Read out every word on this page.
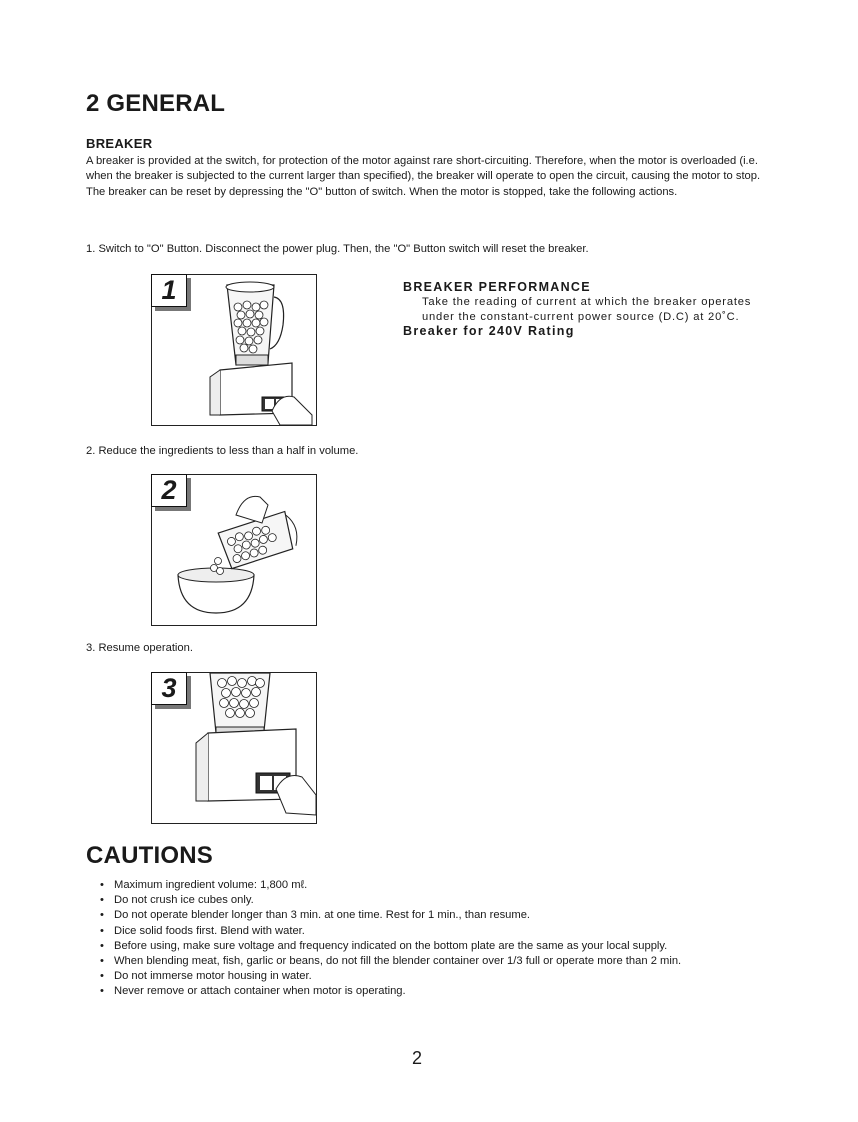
2 GENERAL
BREAKER
A breaker is provided at the switch, for protection of the motor against rare short-circuiting. Therefore, when the motor is overloaded (i.e. when the breaker is subjected to the current larger than specified), the breaker will operate to open the circuit, causing the motor to stop. The breaker can be reset by depressing the "O" button of switch. When the motor is stopped, take the following actions.
1. Switch to "O" Button. Disconnect the power plug. Then, the "O" Button switch will reset the breaker.
1	BREAKER PERFORMANCE
Take the reading of current at which the breaker operates
under the constant-current power source (D.C) at 20˚C.
Breaker for 240V Rating
2. Reduce the ingredients to less than a half in volume.
2
3. Resume operation.
3
CAUTIONS
• Maximum ingredient volume: 1,800 mℓ.
• Do not crush ice cubes only.
• Do not operate blender longer than 3 min. at one time. Rest for 1 min., than resume.
• Dice solid foods first. Blend with water.
• Before using, make sure voltage and frequency indicated on the bottom plate are the same as your local supply.
• When blending meat, fish, garlic or beans, do not fill the blender container over 1/3 full or operate more than 2 min.
• Do not immerse motor housing in water.
• Never remove or attach container when motor is operating.
2
